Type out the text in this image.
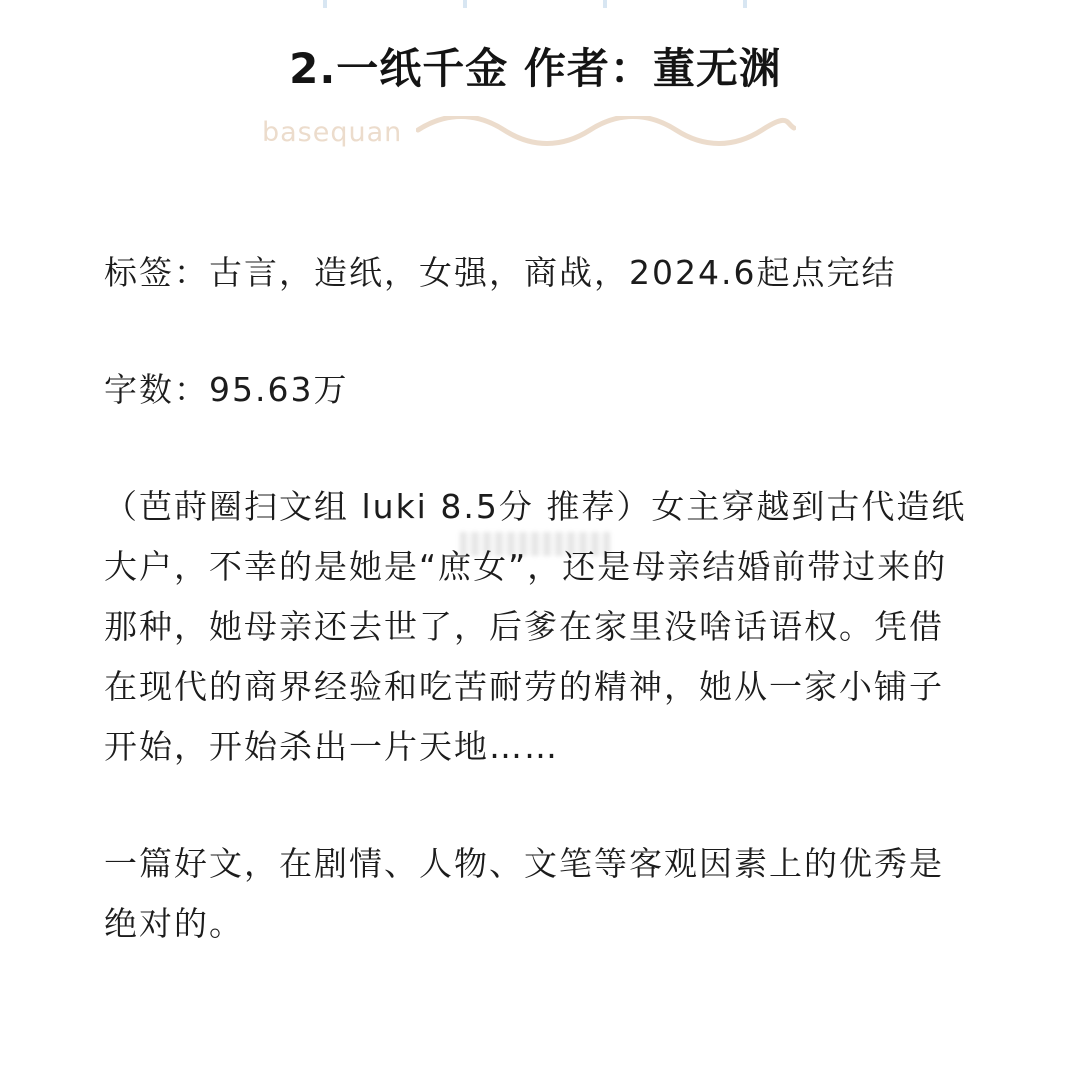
2.一纸千金 作者：董无渊
basequan

标签：古言，造纸，女强，商战，2024.6起点完结

字数：95.63万

（芭莳圈扫文组 luki 8.5分 推荐）女主穿越到古代造纸大户，不幸的是她是“庶女”，还是母亲结婚前带过来的那种，她母亲还去世了，后爹在家里没啥话语权。凭借在现代的商界经验和吃苦耐劳的精神，她从一家小铺子开始，开始杀出一片天地……

一篇好文，在剧情、人物、文笔等客观因素上的优秀是绝对的。
